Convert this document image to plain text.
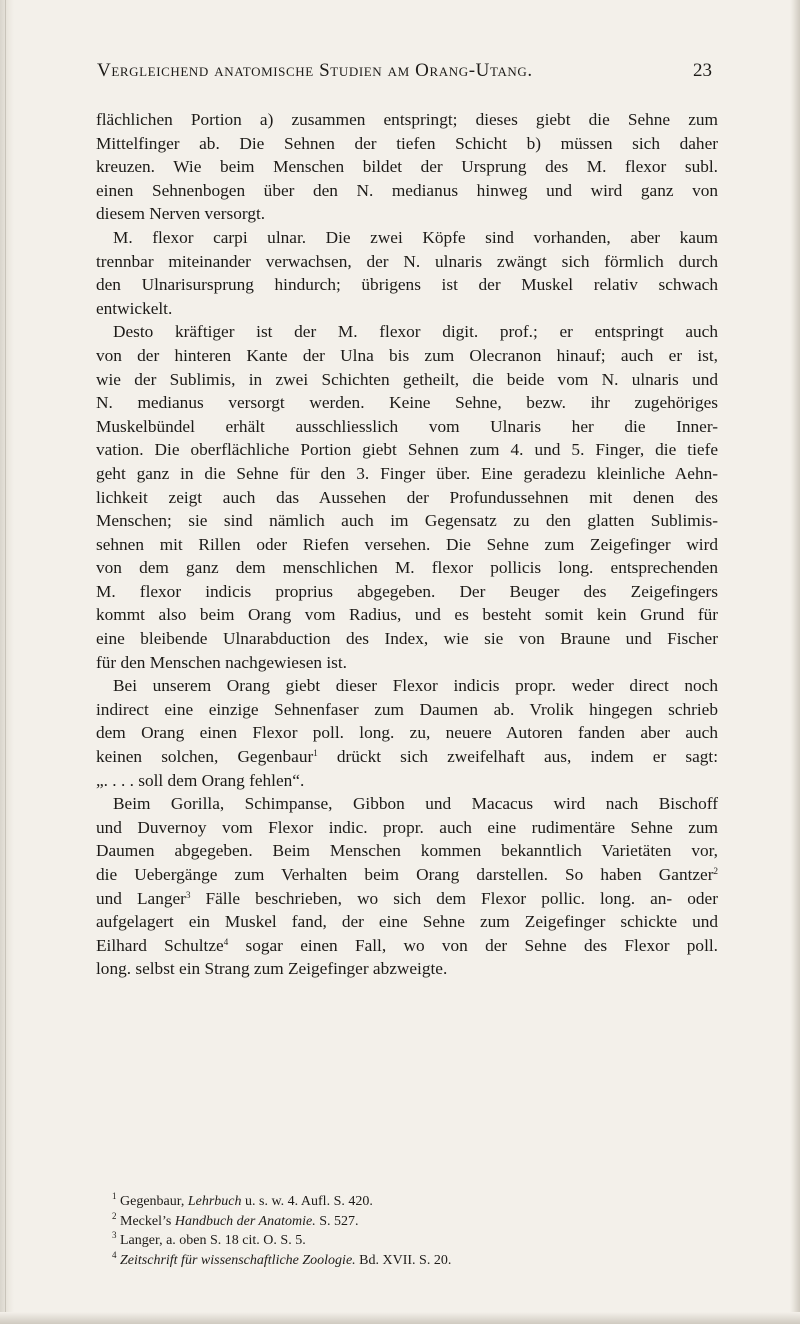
Vergleichend anatomische Studien am Orang-Utang.	23
flächlichen Portion a) zusammen entspringt; dieses giebt die Sehne zum
Mittelfinger ab. Die Sehnen der tiefen Schicht b) müssen sich daher
kreuzen. Wie beim Menschen bildet der Ursprung des M. flexor subl.
einen Sehnenbogen über den N. medianus hinweg und wird ganz von
diesem Nerven versorgt.
M. flexor carpi ulnar. Die zwei Köpfe sind vorhanden, aber kaum
trennbar miteinander verwachsen, der N. ulnaris zwängt sich förmlich durch
den Ulnarisursprung hindurch; übrigens ist der Muskel relativ schwach
entwickelt.
Desto kräftiger ist der M. flexor digit. prof.; er entspringt auch
von der hinteren Kante der Ulna bis zum Olecranon hinauf; auch er ist,
wie der Sublimis, in zwei Schichten getheilt, die beide vom N. ulnaris und
N. medianus versorgt werden. Keine Sehne, bezw. ihr zugehöriges
Muskelbündel erhält ausschliesslich vom Ulnaris her die Inner-
vation. Die oberflächliche Portion giebt Sehnen zum 4. und 5. Finger, die tiefe
geht ganz in die Sehne für den 3. Finger über. Eine geradezu kleinliche Aehn-
lichkeit zeigt auch das Aussehen der Profundussehnen mit denen des
Menschen; sie sind nämlich auch im Gegensatz zu den glatten Sublimis-
sehnen mit Rillen oder Riefen versehen. Die Sehne zum Zeigefinger wird
von dem ganz dem menschlichen M. flexor pollicis long. entsprechenden
M. flexor indicis proprius abgegeben. Der Beuger des Zeigefingers
kommt also beim Orang vom Radius, und es besteht somit kein Grund für
eine bleibende Ulnarabduction des Index, wie sie von Braune und Fischer
für den Menschen nachgewiesen ist.
Bei unserem Orang giebt dieser Flexor indicis propr. weder direct noch
indirect eine einzige Sehnenfaser zum Daumen ab. Vrolik hingegen schrieb
dem Orang einen Flexor poll. long. zu, neuere Autoren fanden aber auch
keinen solchen, Gegenbaur$^1$ drückt sich zweifelhaft aus, indem er sagt:
„. . . . soll dem Orang fehlen“.
Beim Gorilla, Schimpanse, Gibbon und Macacus wird nach Bischoff
und Duvernoy vom Flexor indic. propr. auch eine rudimentäre Sehne zum
Daumen abgegeben. Beim Menschen kommen bekanntlich Varietäten vor,
die Uebergänge zum Verhalten beim Orang darstellen. So haben Gantzer$^2$
und Langer$^3$ Fälle beschrieben, wo sich dem Flexor pollic. long. an- oder
aufgelagert ein Muskel fand, der eine Sehne zum Zeigefinger schickte und
Eilhard Schultze$^4$ sogar einen Fall, wo von der Sehne des Flexor poll.
long. selbst ein Strang zum Zeigefinger abzweigte.
$^1$ Gegenbaur, Lehrbuch u. s. w. 4. Aufl. S. 420.
$^2$ Meckel’s Handbuch der Anatomie. S. 527.
$^3$ Langer, a. oben S. 18 cit. O. S. 5.
$^4$ Zeitschrift für wissenschaftliche Zoologie. Bd. XVII. S. 20.
